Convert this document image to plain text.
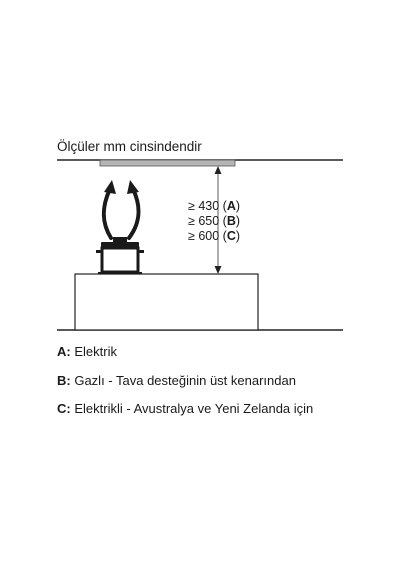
Ölçüler mm cinsindendir
≥ 430 (A)
≥ 650 (B)
≥ 600 (C)
A: Elektrik
B: Gazlı - Tava desteğinin üst kenarından
C: Elektrikli - Avustralya ve Yeni Zelanda için
